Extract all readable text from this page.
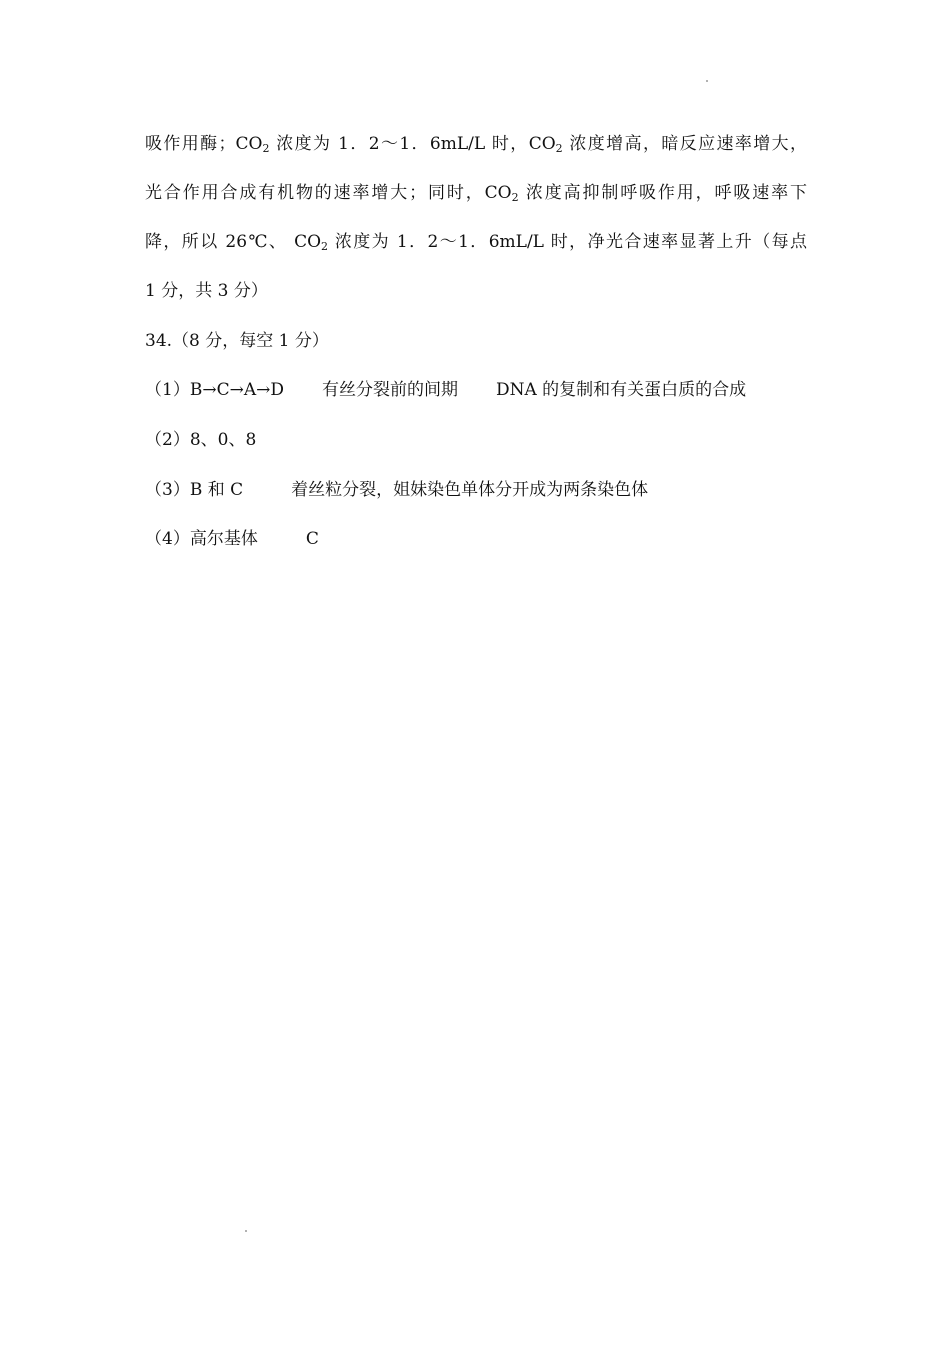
吸作用酶；$CO_2$ 浓度为 1．2～1．6mL/L 时，$CO_2$ 浓度增高，暗反应速率增大，
光合作用合成有机物的速率增大；同时，$CO_2$ 浓度高抑制呼吸作用，呼吸速率下
降，所以 26℃、 $CO_2$ 浓度为 1．2～1．6mL/L 时，净光合速率显著上升（每点
1 分，共 3 分）
34.（8 分，每空 1 分）
（1）B→C→A→D 有丝分裂前的间期 DNA 的复制和有关蛋白质的合成
（2）8、0、8
（3）B 和 C	着丝粒分裂，姐妹染色单体分开成为两条染色体
（4）高尔基体	C
